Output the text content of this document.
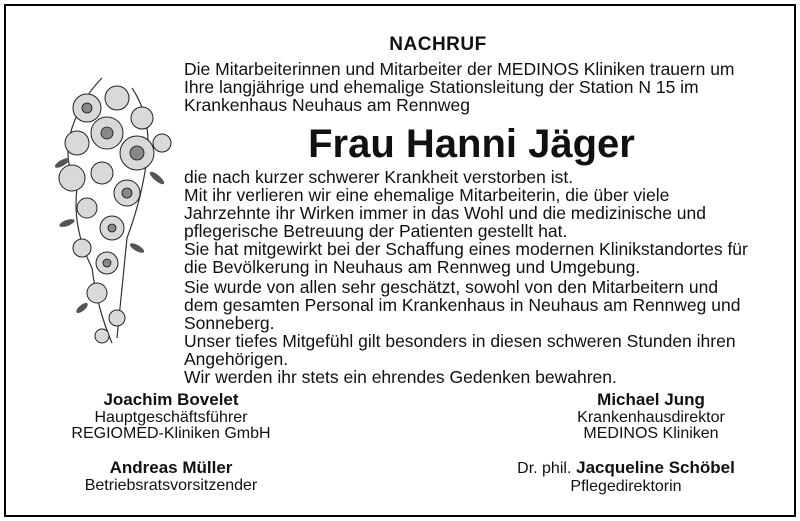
NACHRUF

Die Mitarbeiterinnen und Mitarbeiter der MEDINOS Kliniken trauern um
Ihre langjährige und ehemalige Stationsleitung der Station N 15 im
Krankenhaus Neuhaus am Rennweg

Frau Hanni Jäger

die nach kurzer schwerer Krankheit verstorben ist.
Mit ihr verlieren wir eine ehemalige Mitarbeiterin, die über viele
Jahrzehnte ihr Wirken immer in das Wohl und die medizinische und
pflegerische Betreuung der Patienten gestellt hat.
Sie hat mitgewirkt bei der Schaffung eines modernen Klinikstandortes für
die Bevölkerung in Neuhaus am Rennweg und Umgebung.

Sie wurde von allen sehr geschätzt, sowohl von den Mitarbeitern und
dem gesamten Personal im Krankenhaus in Neuhaus am Rennweg und
Sonneberg.
Unser tiefes Mitgefühl gilt besonders in diesen schweren Stunden ihren
Angehörigen.

Wir werden ihr stets ein ehrendes Gedenken bewahren.

Joachim Bovelet
Hauptgeschäftsführer
REGIOMED-Kliniken GmbH
Michael Jung
Krankenhausdirektor
MEDINOS Kliniken
Andreas Müller
Betriebsratsvorsitzender
Dr. phil. Jacqueline Schöbel
Pflegedirektorin
